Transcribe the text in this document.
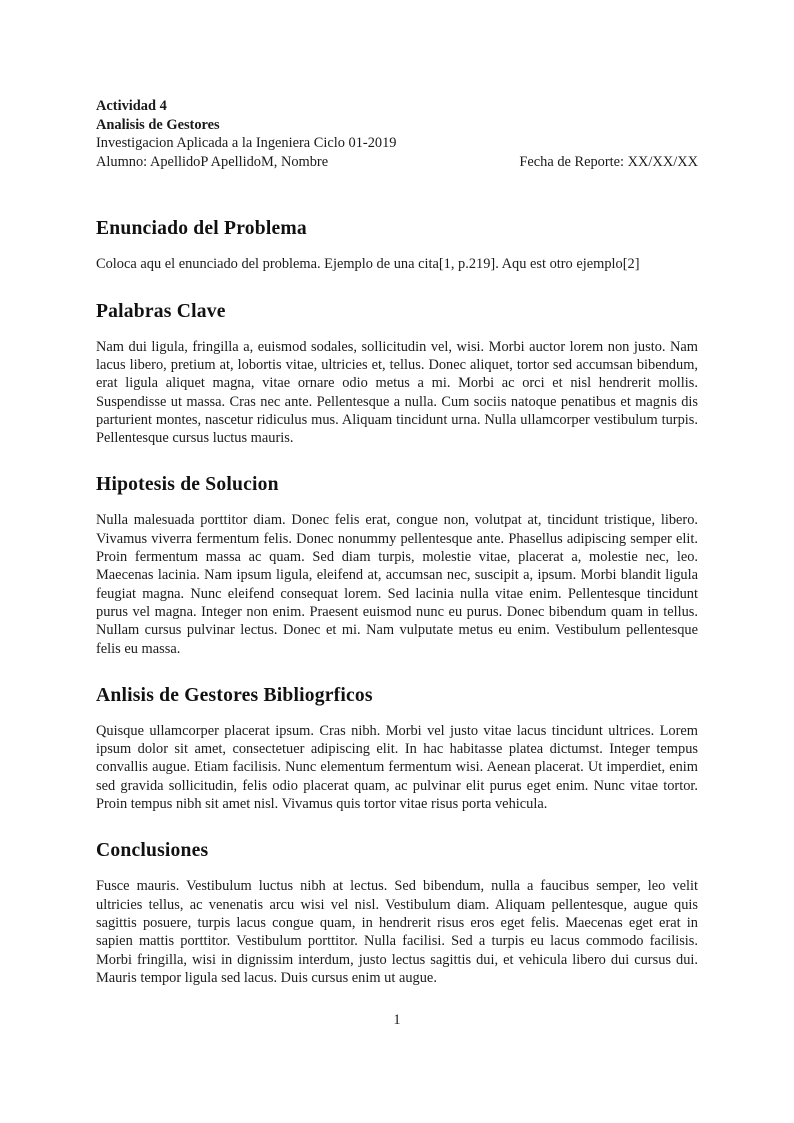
Actividad 4
Analisis de Gestores
Investigacion Aplicada a la Ingeniera Ciclo 01-2019
Alumno: ApellidoP ApellidoM, Nombre	Fecha de Reporte: XX/XX/XX
Enunciado del Problema

Coloca aqu el enunciado del problema. Ejemplo de una cita[1, p.219]. Aqu est otro ejemplo[2]

Palabras Clave

Nam dui ligula, fringilla a, euismod sodales, sollicitudin vel, wisi. Morbi auctor lorem non justo. Nam lacus libero, pretium at, lobortis vitae, ultricies et, tellus. Donec aliquet, tortor sed accumsan bibendum, erat ligula aliquet magna, vitae ornare odio metus a mi. Morbi ac orci et nisl hendrerit mollis. Suspendisse ut massa. Cras nec ante. Pellentesque a nulla. Cum sociis natoque penatibus et magnis dis parturient montes, nascetur ridiculus mus. Aliquam tincidunt urna. Nulla ullamcorper vestibulum turpis. Pellentesque cursus luctus mauris.

Hipotesis de Solucion

Nulla malesuada porttitor diam. Donec felis erat, congue non, volutpat at, tincidunt tristique, libero. Vivamus viverra fermentum felis. Donec nonummy pellentesque ante. Phasellus adipiscing semper elit. Proin fermentum massa ac quam. Sed diam turpis, molestie vitae, placerat a, molestie nec, leo. Maecenas lacinia. Nam ipsum ligula, eleifend at, accumsan nec, suscipit a, ipsum. Morbi blandit ligula feugiat magna. Nunc eleifend consequat lorem. Sed lacinia nulla vitae enim. Pellentesque tincidunt purus vel magna. Integer non enim. Praesent euismod nunc eu purus. Donec bibendum quam in tellus. Nullam cursus pulvinar lectus. Donec et mi. Nam vulputate metus eu enim. Vestibulum pellentesque felis eu massa.

Anlisis de Gestores Bibliogrficos

Quisque ullamcorper placerat ipsum. Cras nibh. Morbi vel justo vitae lacus tincidunt ultrices. Lorem ipsum dolor sit amet, consectetuer adipiscing elit. In hac habitasse platea dictumst. Integer tempus convallis augue. Etiam facilisis. Nunc elementum fermentum wisi. Aenean placerat. Ut imperdiet, enim sed gravida sollicitudin, felis odio placerat quam, ac pulvinar elit purus eget enim. Nunc vitae tortor. Proin tempus nibh sit amet nisl. Vivamus quis tortor vitae risus porta vehicula.

Conclusiones

Fusce mauris. Vestibulum luctus nibh at lectus. Sed bibendum, nulla a faucibus semper, leo velit ultricies tellus, ac venenatis arcu wisi vel nisl. Vestibulum diam. Aliquam pellentesque, augue quis sagittis posuere, turpis lacus congue quam, in hendrerit risus eros eget felis. Maecenas eget erat in sapien mattis porttitor. Vestibulum porttitor. Nulla facilisi. Sed a turpis eu lacus commodo facilisis. Morbi fringilla, wisi in dignissim interdum, justo lectus sagittis dui, et vehicula libero dui cursus dui. Mauris tempor ligula sed lacus. Duis cursus enim ut augue.

1
